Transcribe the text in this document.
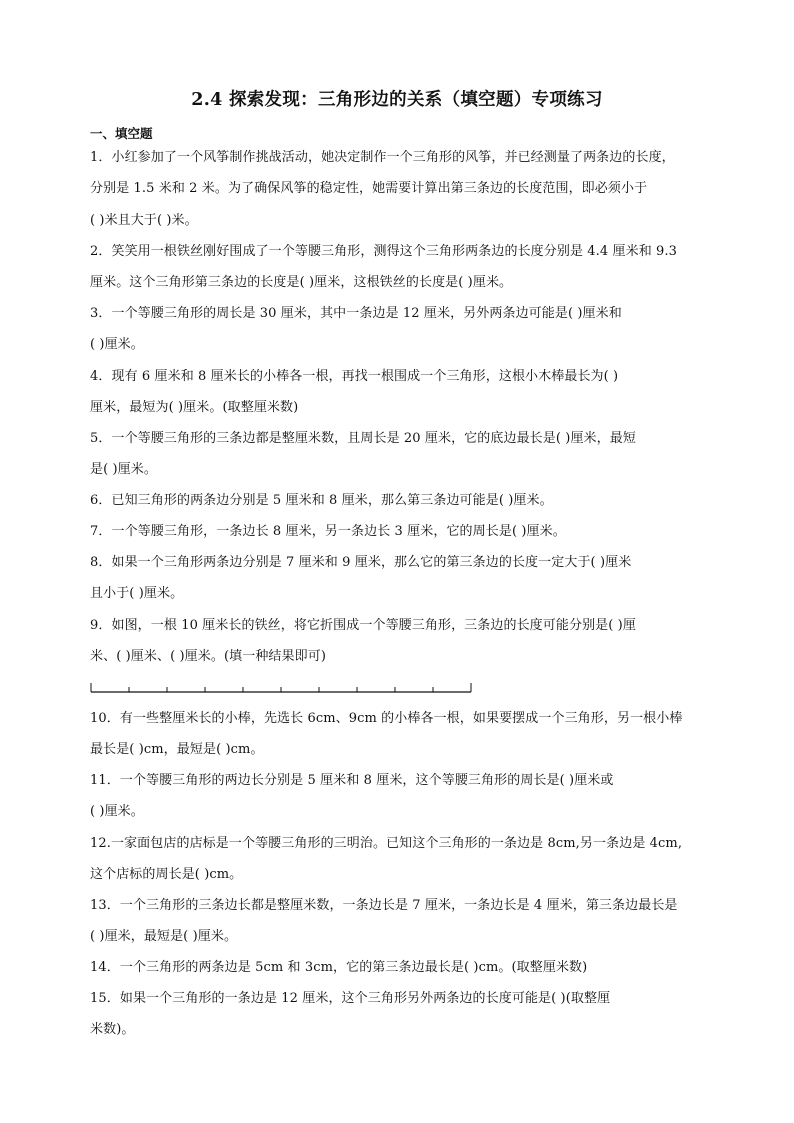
2.4 探索发现：三角形边的关系（填空题）专项练习
一、填空题
1．小红参加了一个风筝制作挑战活动，她决定制作一个三角形的风筝，并已经测量了两条边的长度，
分别是 1.5 米和 2 米。为了确保风筝的稳定性，她需要计算出第三条边的长度范围，即必须小于
( )米且大于( )米。
2．笑笑用一根铁丝刚好围成了一个等腰三角形，测得这个三角形两条边的长度分别是 4.4 厘米和 9.3
厘米。这个三角形第三条边的长度是( )厘米，这根铁丝的长度是( )厘米。
3．一个等腰三角形的周长是 30 厘米，其中一条边是 12 厘米，另外两条边可能是( )厘米和
( )厘米。
4．现有 6 厘米和 8 厘米长的小棒各一根，再找一根围成一个三角形，这根小木棒最长为( )
厘米，最短为( )厘米。(取整厘米数)
5．一个等腰三角形的三条边都是整厘米数，且周长是 20 厘米，它的底边最长是( )厘米，最短
是( )厘米。
6．已知三角形的两条边分别是 5 厘米和 8 厘米，那么第三条边可能是( )厘米。
7．一个等腰三角形，一条边长 8 厘米，另一条边长 3 厘米，它的周长是( )厘米。
8．如果一个三角形两条边分别是 7 厘米和 9 厘米，那么它的第三条边的长度一定大于( )厘米
且小于( )厘米。
9．如图，一根 10 厘米长的铁丝，将它折围成一个等腰三角形，三条边的长度可能分别是( )厘
米、( )厘米、( )厘米。(填一种结果即可)
10．有一些整厘米长的小棒，先选长 6cm、9cm 的小棒各一根，如果要摆成一个三角形，另一根小棒
最长是( )cm，最短是( )cm。
11．一个等腰三角形的两边长分别是 5 厘米和 8 厘米，这个等腰三角形的周长是( )厘米或
( )厘米。
12.一家面包店的店标是一个等腰三角形的三明治。已知这个三角形的一条边是 8cm,另一条边是 4cm,
这个店标的周长是( )cm。
13．一个三角形的三条边长都是整厘米数，一条边长是 7 厘米，一条边长是 4 厘米，第三条边最长是
( )厘米，最短是( )厘米。
14．一个三角形的两条边是 5cm 和 3cm，它的第三条边最长是( )cm。(取整厘米数)
15．如果一个三角形的一条边是 12 厘米，这个三角形另外两条边的长度可能是( )(取整厘
米数)。
